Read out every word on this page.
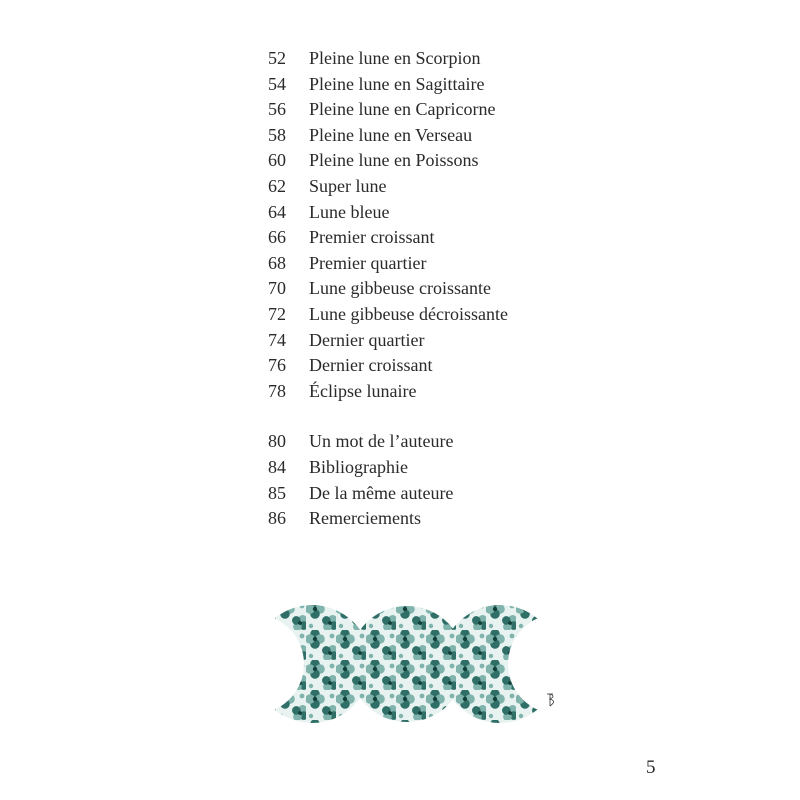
52	Pleine lune en Scorpion
54	Pleine lune en Sagittaire
56	Pleine lune en Capricorne
58	Pleine lune en Verseau
60	Pleine lune en Poissons
62	Super lune
64	Lune bleue
66	Premier croissant
68	Premier quartier
70	Lune gibbeuse croissante
72	Lune gibbeuse décroissante
74	Dernier quartier
76	Dernier croissant
78	Éclipse lunaire
80	Un mot de l’auteure
84	Bibliographie
85	De la même auteure
86	Remerciements
5
